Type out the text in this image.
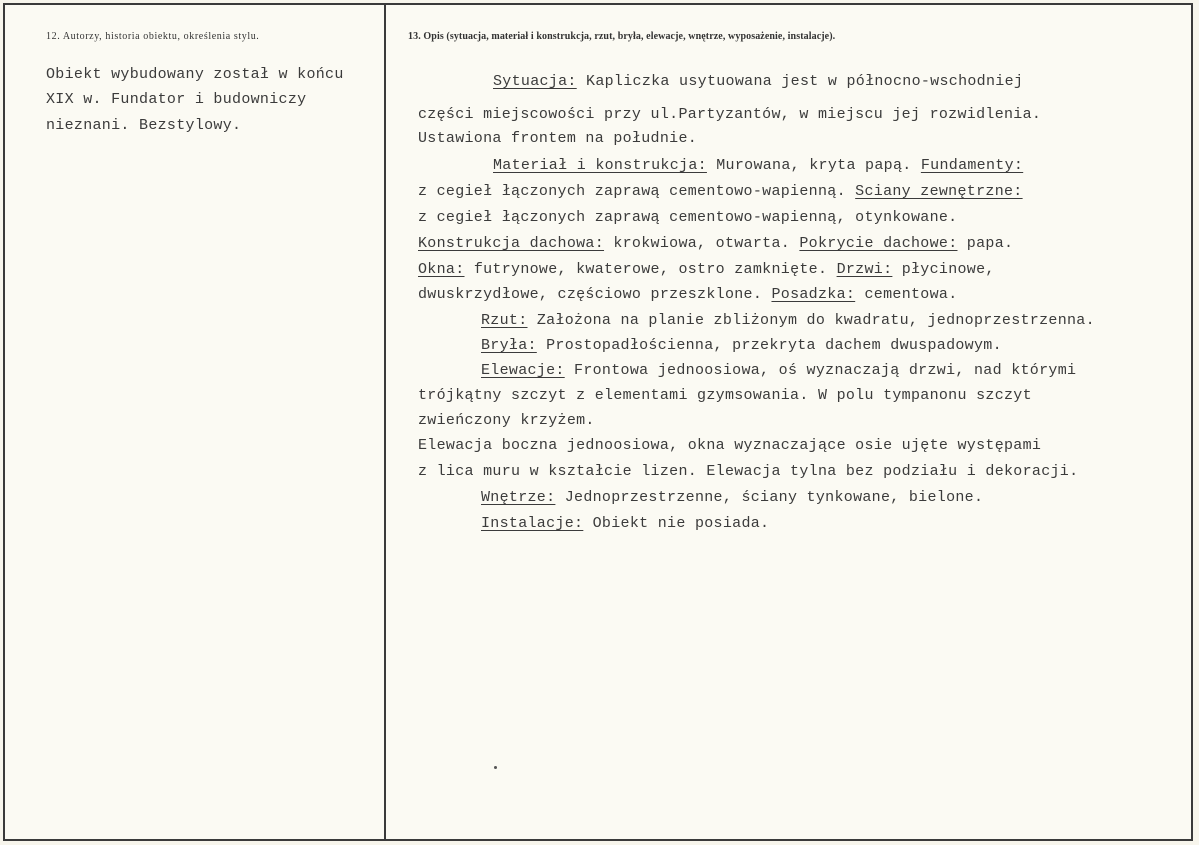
12. Autorzy, historia obiektu, określenia stylu.	13. Opis (sytuacja, materiał i konstrukcja, rzut, bryła, elewacje, wnętrze, wyposażenie, instalacje).
Obiekt wybudowany został w końcu
XIX w. Fundator i budowniczy
nieznani. Bezstylowy.
Sytuacja: Kapliczka usytuowana jest w północno-wschodniej
części miejscowości przy ul.Partyzantów, w miejscu jej rozwidlenia.
Ustawiona frontem na południe.
Materiał i konstrukcja: Murowana, kryta papą. Fundamenty:
z cegieł łączonych zaprawą cementowo-wapienną. Sciany zewnętrzne:
z cegieł łączonych zaprawą cementowo-wapienną, otynkowane.
Konstrukcja dachowa: krokwiowa, otwarta. Pokrycie dachowe: papa.
Okna: futrynowe, kwaterowe, ostro zamknięte. Drzwi: płycinowe,
dwuskrzydłowe, częściowo przeszklone. Posadzka: cementowa.
Rzut: Założona na planie zbliżonym do kwadratu, jednoprzestrzenna.
Bryła: Prostopadłościenna, przekryta dachem dwuspadowym.
Elewacje: Frontowa jednoosiowa, oś wyznaczają drzwi, nad którymi
trójkątny szczyt z elementami gzymsowania. W polu tympanonu szczyt
zwieńczony krzyżem.
Elewacja boczna jednoosiowa, okna wyznaczające osie ujęte występami
z lica muru w kształcie lizen. Elewacja tylna bez podziału i dekoracji.
Wnętrze: Jednoprzestrzenne, ściany tynkowane, bielone.
Instalacje: Obiekt nie posiada.
